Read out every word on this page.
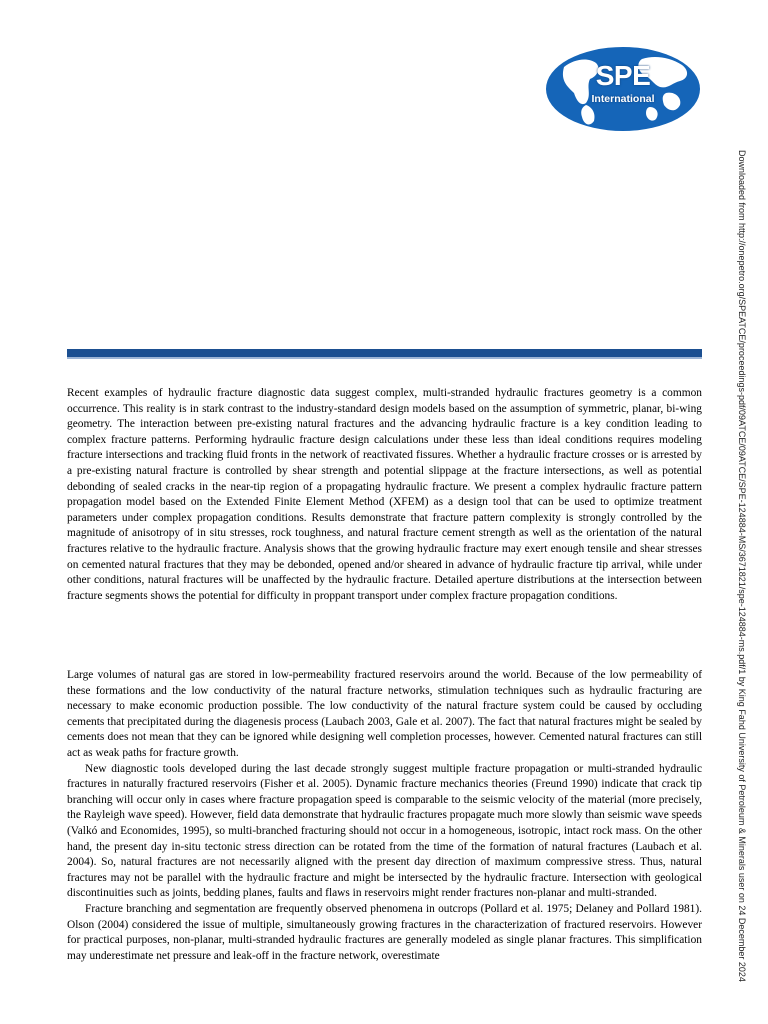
SPE
International
Downloaded from http://onepetro.org/SPEATCE/proceedings-pdf/09ATCE/09ATCE/SPE-124884-MS/3671821/spe-124884-ms.pdf/1 by King Fahd University of Petroleum & Minerals user on 24 December 2024
Recent examples of hydraulic fracture diagnostic data suggest complex, multi-stranded hydraulic fractures geometry is a common occurrence. This reality is in stark contrast to the industry-standard design models based on the assumption of symmetric, planar, bi-wing geometry. The interaction between pre-existing natural fractures and the advancing hydraulic fracture is a key condition leading to complex fracture patterns. Performing hydraulic fracture design calculations under these less than ideal conditions requires modeling fracture intersections and tracking fluid fronts in the network of reactivated fissures. Whether a hydraulic fracture crosses or is arrested by a pre-existing natural fracture is controlled by shear strength and potential slippage at the fracture intersections, as well as potential debonding of sealed cracks in the near-tip region of a propagating hydraulic fracture. We present a complex hydraulic fracture pattern propagation model based on the Extended Finite Element Method (XFEM) as a design tool that can be used to optimize treatment parameters under complex propagation conditions. Results demonstrate that fracture pattern complexity is strongly controlled by the magnitude of anisotropy of in situ stresses, rock toughness, and natural fracture cement strength as well as the orientation of the natural fractures relative to the hydraulic fracture. Analysis shows that the growing hydraulic fracture may exert enough tensile and shear stresses on cemented natural fractures that they may be debonded, opened and/or sheared in advance of hydraulic fracture tip arrival, while under other conditions, natural fractures will be unaffected by the hydraulic fracture. Detailed aperture distributions at the intersection between fracture segments shows the potential for difficulty in proppant transport under complex fracture propagation conditions.

Large volumes of natural gas are stored in low-permeability fractured reservoirs around the world. Because of the low permeability of these formations and the low conductivity of the natural fracture networks, stimulation techniques such as hydraulic fracturing are necessary to make economic production possible. The low conductivity of the natural fracture system could be caused by occluding cements that precipitated during the diagenesis process (Laubach 2003, Gale et al. 2007). The fact that natural fractures might be sealed by cements does not mean that they can be ignored while designing well completion processes, however. Cemented natural fractures can still act as weak paths for fracture growth.

New diagnostic tools developed during the last decade strongly suggest multiple fracture propagation or multi-stranded hydraulic fractures in naturally fractured reservoirs (Fisher et al. 2005). Dynamic fracture mechanics theories (Freund 1990) indicate that crack tip branching will occur only in cases where fracture propagation speed is comparable to the seismic velocity of the material (more precisely, the Rayleigh wave speed). However, field data demonstrate that hydraulic fractures propagate much more slowly than seismic wave speeds (Valkó and Economides, 1995), so multi-branched fracturing should not occur in a homogeneous, isotropic, intact rock mass. On the other hand, the present day in-situ tectonic stress direction can be rotated from the time of the formation of natural fractures (Laubach et al. 2004). So, natural fractures are not necessarily aligned with the present day direction of maximum compressive stress. Thus, natural fractures may not be parallel with the hydraulic fracture and might be intersected by the hydraulic fracture. Intersection with geological discontinuities such as joints, bedding planes, faults and flaws in reservoirs might render fractures non-planar and multi-stranded.

Fracture branching and segmentation are frequently observed phenomena in outcrops (Pollard et al. 1975; Delaney and Pollard 1981). Olson (2004) considered the issue of multiple, simultaneously growing fractures in the characterization of fractured reservoirs. However for practical purposes, non-planar, multi-stranded hydraulic fractures are generally modeled as single planar fractures. This simplification may underestimate net pressure and leak-off in the fracture network, overestimate
